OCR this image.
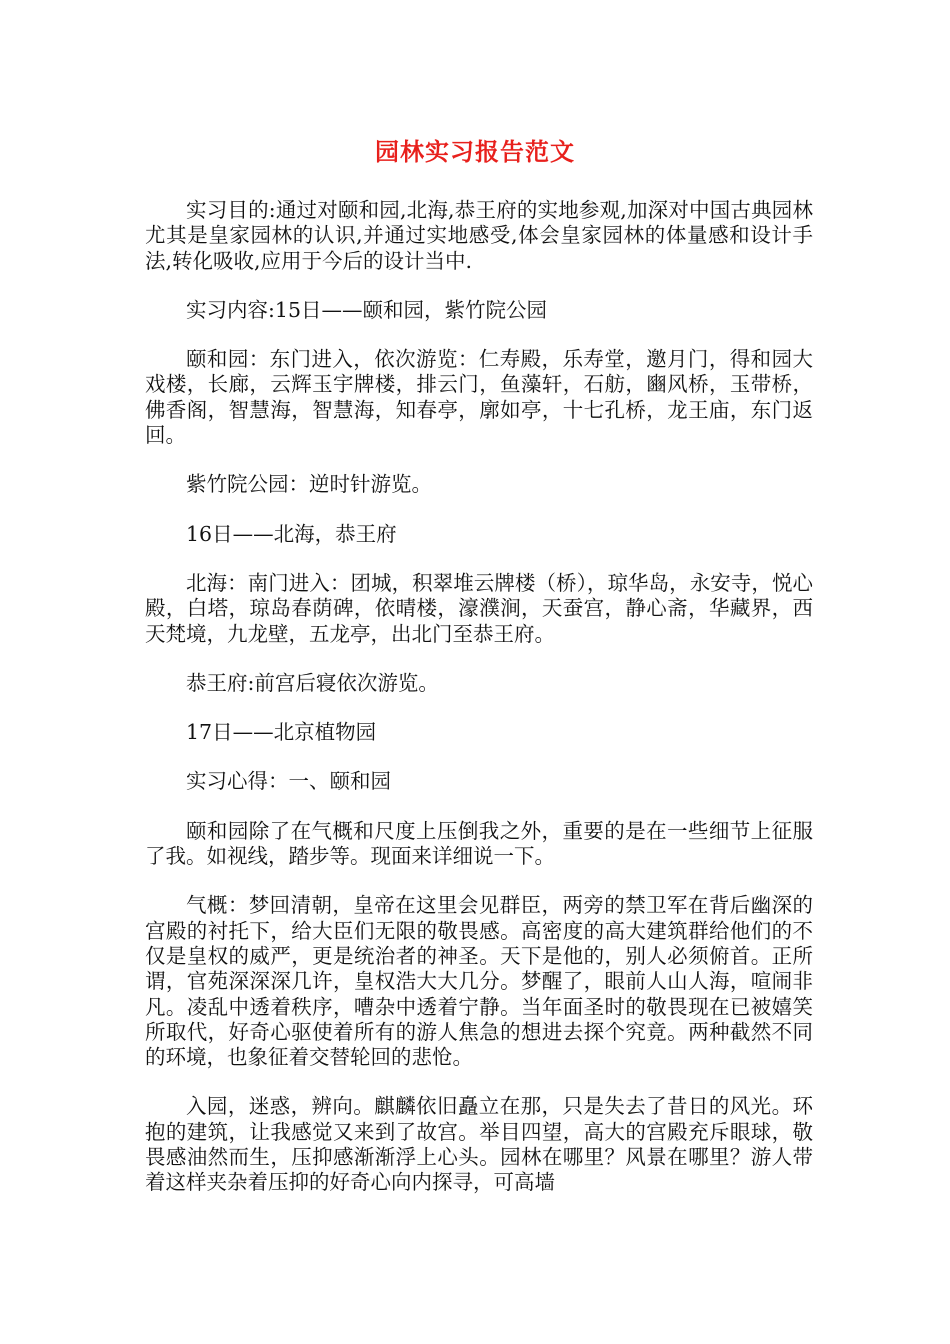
园林实习报告范文

实习目的:通过对颐和园,北海,恭王府的实地参观,加深对中国古典园林尤其是皇家园林的认识,并通过实地感受,体会皇家园林的体量感和设计手法,转化吸收,应用于今后的设计当中.

实习内容:15日——颐和园，紫竹院公园

颐和园：东门进入，依次游览：仁寿殿，乐寿堂，邀月门，得和园大戏楼，长廊，云辉玉宇牌楼，排云门，鱼藻轩，石舫，豳风桥，玉带桥，佛香阁，智慧海，智慧海，知春亭，廓如亭，十七孔桥，龙王庙，东门返回。

紫竹院公园：逆时针游览。

16日——北海，恭王府

北海：南门进入：团城，积翠堆云牌楼（桥），琼华岛，永安寺，悦心殿，白塔，琼岛春荫碑，依晴楼，濠濮涧，天蚕宫，静心斋，华藏界，西天梵境，九龙壁，五龙亭，出北门至恭王府。

恭王府:前宫后寝依次游览。

17日——北京植物园

实习心得：一、颐和园

颐和园除了在气概和尺度上压倒我之外，重要的是在一些细节上征服了我。如视线，踏步等。现面来详细说一下。

气概：梦回清朝，皇帝在这里会见群臣，两旁的禁卫军在背后幽深的宫殿的衬托下，给大臣们无限的敬畏感。高密度的高大建筑群给他们的不仅是皇权的威严，更是统治者的神圣。天下是他的，别人必须俯首。正所谓，官苑深深深几许，皇权浩大大几分。梦醒了，眼前人山人海，喧闹非凡。凌乱中透着秩序，嘈杂中透着宁静。当年面圣时的敬畏现在已被嬉笑所取代，好奇心驱使着所有的游人焦急的想进去探个究竟。两种截然不同的环境，也象征着交替轮回的悲怆。

入园，迷惑，辨向。麒麟依旧矗立在那，只是失去了昔日的风光。环抱的建筑，让我感觉又来到了故宫。举目四望，高大的宫殿充斥眼球，敬畏感油然而生，压抑感渐渐浮上心头。园林在哪里？风景在哪里？游人带着这样夹杂着压抑的好奇心向内探寻，可高墙
